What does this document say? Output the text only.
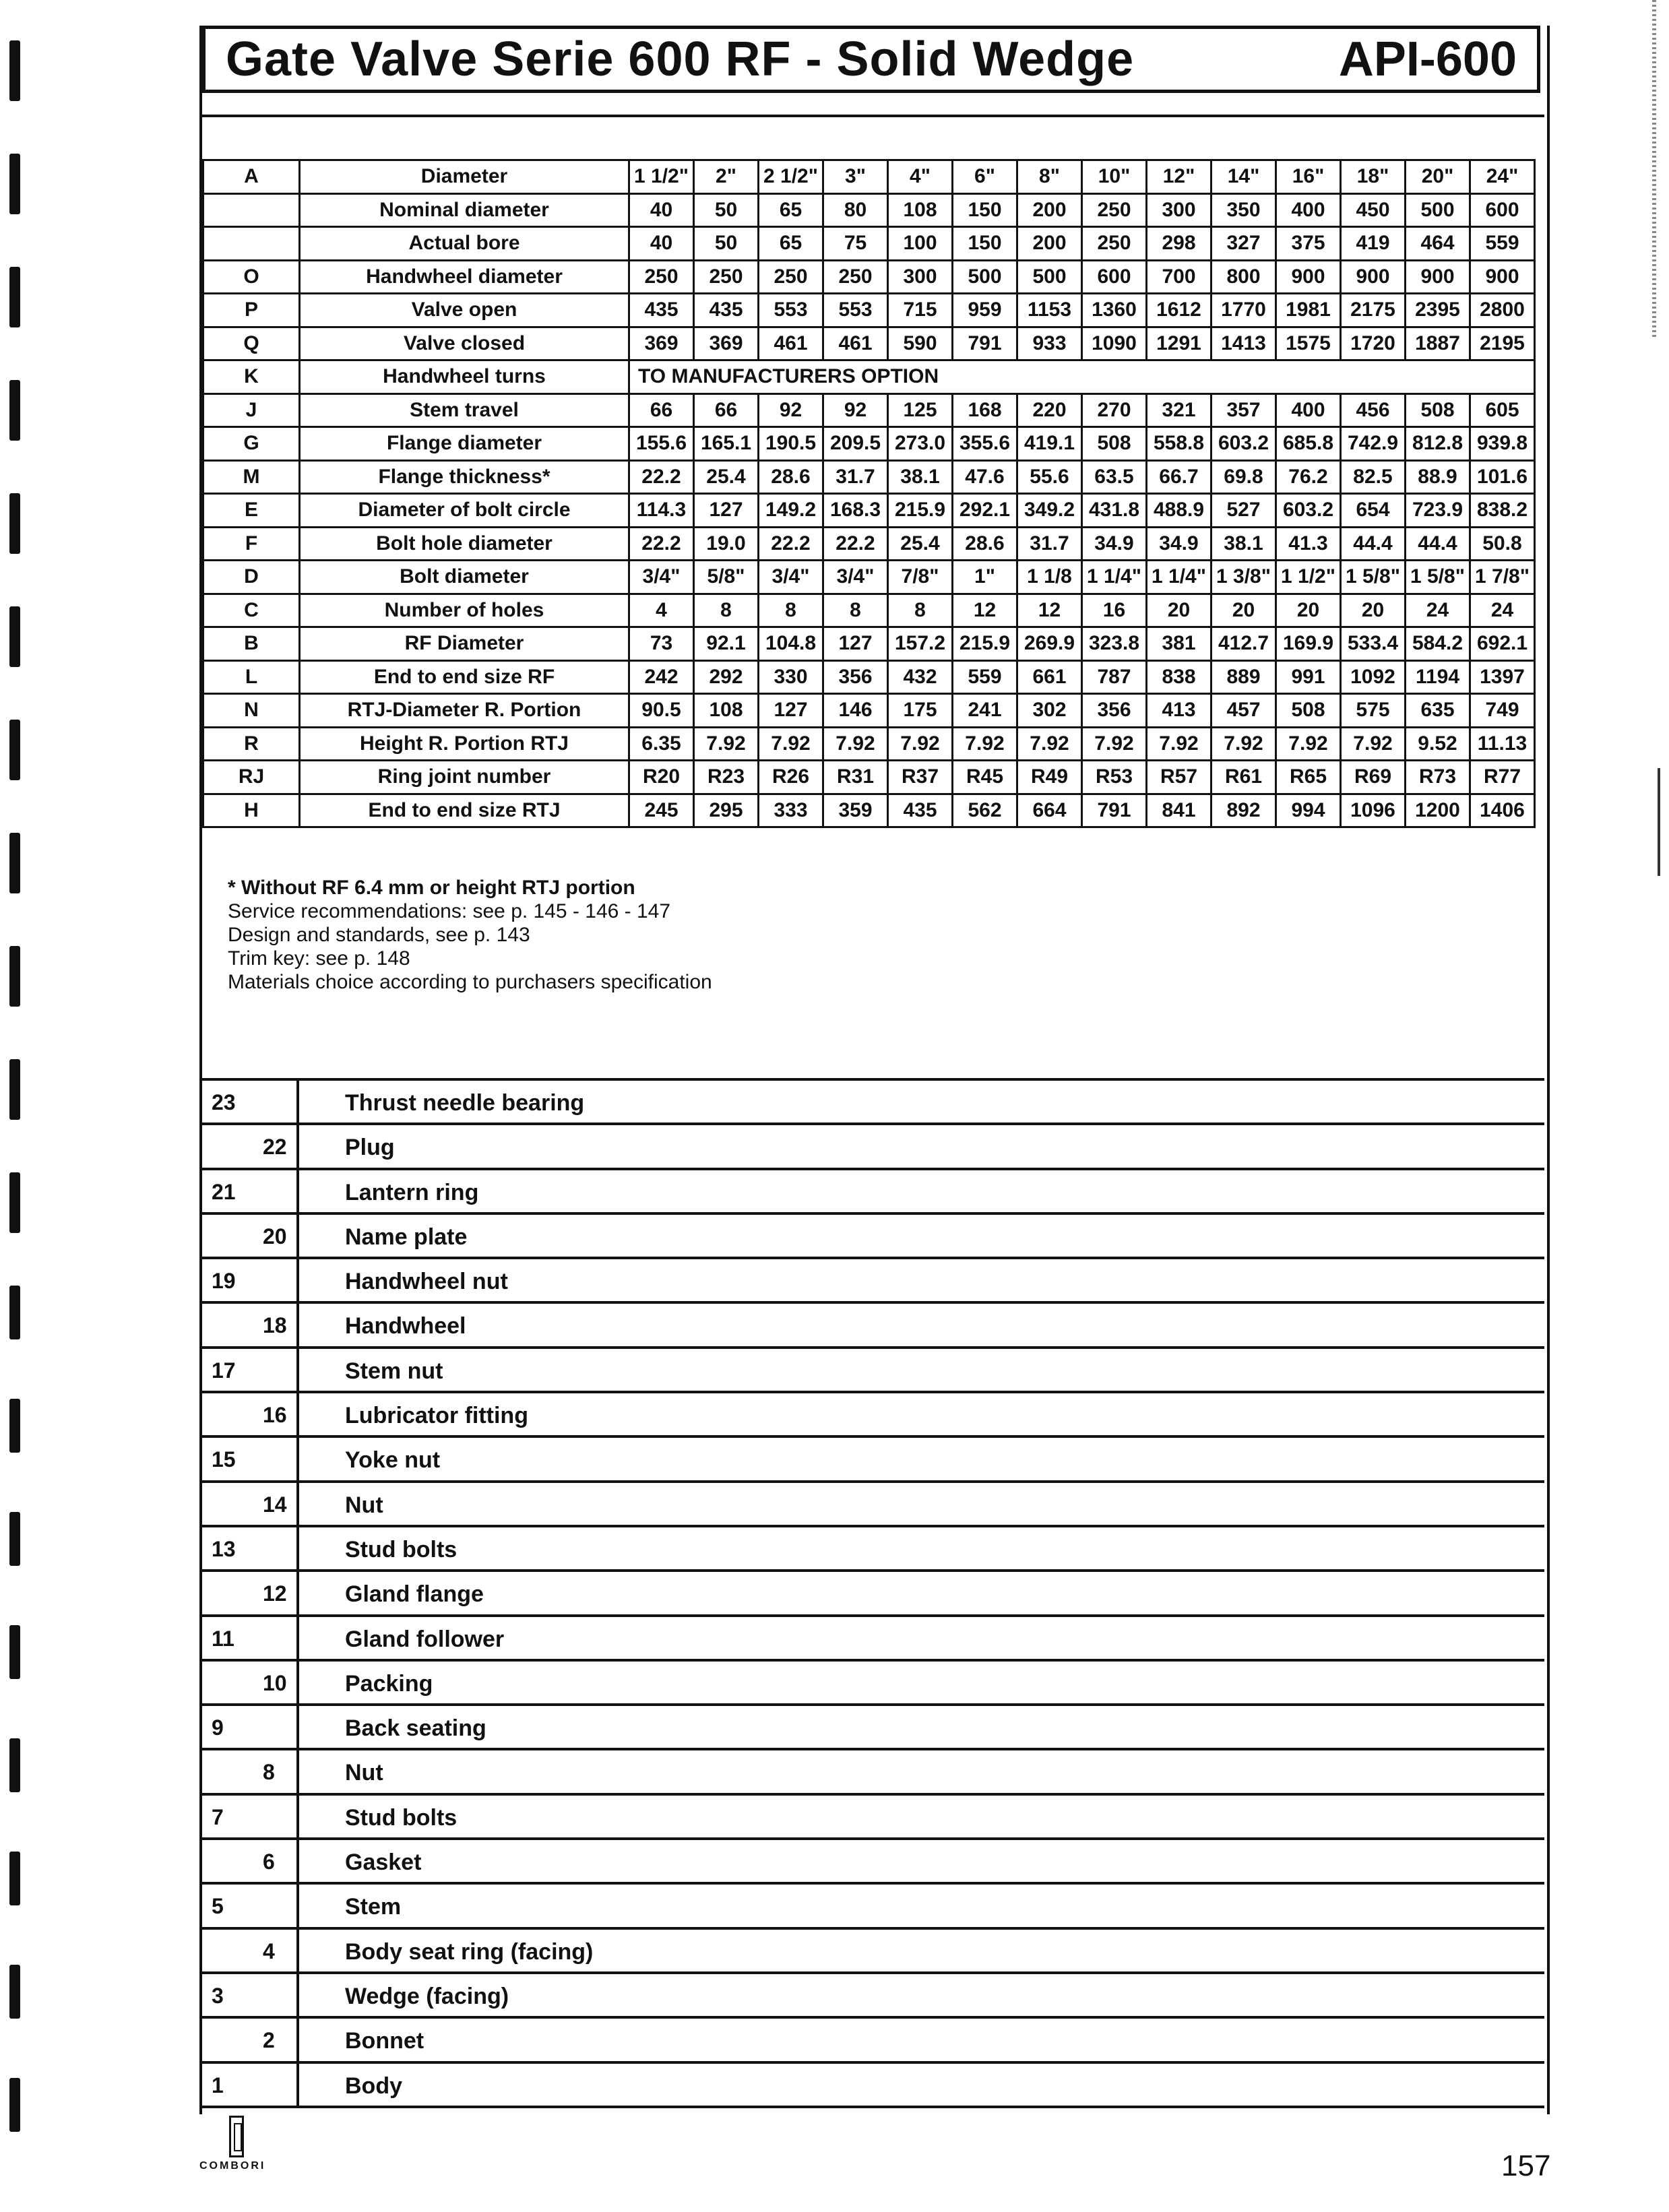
Gate Valve Serie 600 RF - Solid Wedge	API-600
A	Diameter	1 1/2"	2"	2 1/2"	3"	4"	6"	8"	10"	12"	14"	16"	18"	20"	24"
	Nominal diameter	40	50	65	80	108	150	200	250	300	350	400	450	500	600
	Actual bore	40	50	65	75	100	150	200	250	298	327	375	419	464	559
O	Handwheel diameter	250	250	250	250	300	500	500	600	700	800	900	900	900	900
P	Valve open	435	435	553	553	715	959	1153	1360	1612	1770	1981	2175	2395	2800
Q	Valve closed	369	369	461	461	590	791	933	1090	1291	1413	1575	1720	1887	2195
K	Handwheel turns	TO MANUFACTURERS OPTION													
J	Stem travel	66	66	92	92	125	168	220	270	321	357	400	456	508	605
G	Flange diameter	155.6	165.1	190.5	209.5	273.0	355.6	419.1	508	558.8	603.2	685.8	742.9	812.8	939.8
M	Flange thickness*	22.2	25.4	28.6	31.7	38.1	47.6	55.6	63.5	66.7	69.8	76.2	82.5	88.9	101.6
E	Diameter of bolt circle	114.3	127	149.2	168.3	215.9	292.1	349.2	431.8	488.9	527	603.2	654	723.9	838.2
F	Bolt hole diameter	22.2	19.0	22.2	22.2	25.4	28.6	31.7	34.9	34.9	38.1	41.3	44.4	44.4	50.8
D	Bolt diameter	3/4"	5/8"	3/4"	3/4"	7/8"	1"	1 1/8	1 1/4"	1 1/4"	1 3/8"	1 1/2"	1 5/8"	1 5/8"	1 7/8"
C	Number of holes	4	8	8	8	8	12	12	16	20	20	20	20	24	24
B	RF Diameter	73	92.1	104.8	127	157.2	215.9	269.9	323.8	381	412.7	169.9	533.4	584.2	692.1
L	End to end size RF	242	292	330	356	432	559	661	787	838	889	991	1092	1194	1397
N	RTJ-Diameter R. Portion	90.5	108	127	146	175	241	302	356	413	457	508	575	635	749
R	Height R. Portion RTJ	6.35	7.92	7.92	7.92	7.92	7.92	7.92	7.92	7.92	7.92	7.92	7.92	9.52	11.13
RJ	Ring joint number	R20	R23	R26	R31	R37	R45	R49	R53	R57	R61	R65	R69	R73	R77
H	End to end size RTJ	245	295	333	359	435	562	664	791	841	892	994	1096	1200	1406
* Without RF 6.4 mm or height RTJ portion
Service recommendations: see p. 145 - 146 - 147
Design and standards, see p. 143
Trim key: see p. 148
Materials choice according to purchasers specification
23	Thrust needle bearing
22	Plug
21	Lantern ring
20	Name plate
19	Handwheel nut
18	Handwheel
17	Stem nut
16	Lubricator fitting
15	Yoke nut
14	Nut
13	Stud bolts
12	Gland flange
11	Gland follower
10	Packing
9	Back seating
8	Nut
7	Stud bolts
6	Gasket
5	Stem
4	Body seat ring (facing)
3	Wedge (facing)
2	Bonnet
1	Body
COMBORI	157
